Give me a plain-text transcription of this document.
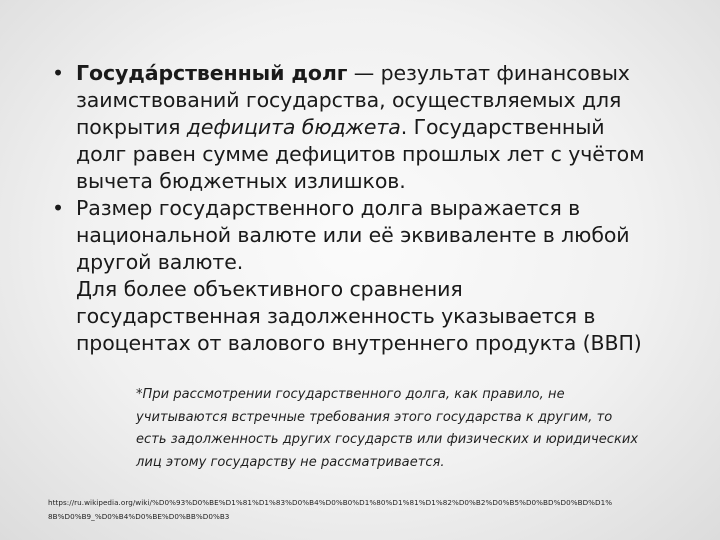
• Госуда́рственный долг — результат финансовых
заимствований государства, осуществляемых для
покрытия дефицита бюджета. Государственный
долг равен сумме дефицитов прошлых лет с учётом
вычета бюджетных излишков.
• Размер государственного долга выражается в
национальной валюте или её эквиваленте в любой
другой валюте.
Для более объективного сравнения
государственная задолженность указывается в
процентах от валового внутреннего продукта (ВВП)
*При рассмотрении государственного долга, как правило, не
учитываются встречные требования этого государства к другим, то
есть задолженность других государств или физических и юридических
лиц этому государству не рассматривается.
https://ru.wikipedia.org/wiki/%D0%93%D0%BE%D1%81%D1%83%D0%B4%D0%B0%D1%80%D1%81%D1%82%D0%B2%D0%B5%D0%BD%D0%BD%D1%
8B%D0%B9_%D0%B4%D0%BE%D0%BB%D0%B3
